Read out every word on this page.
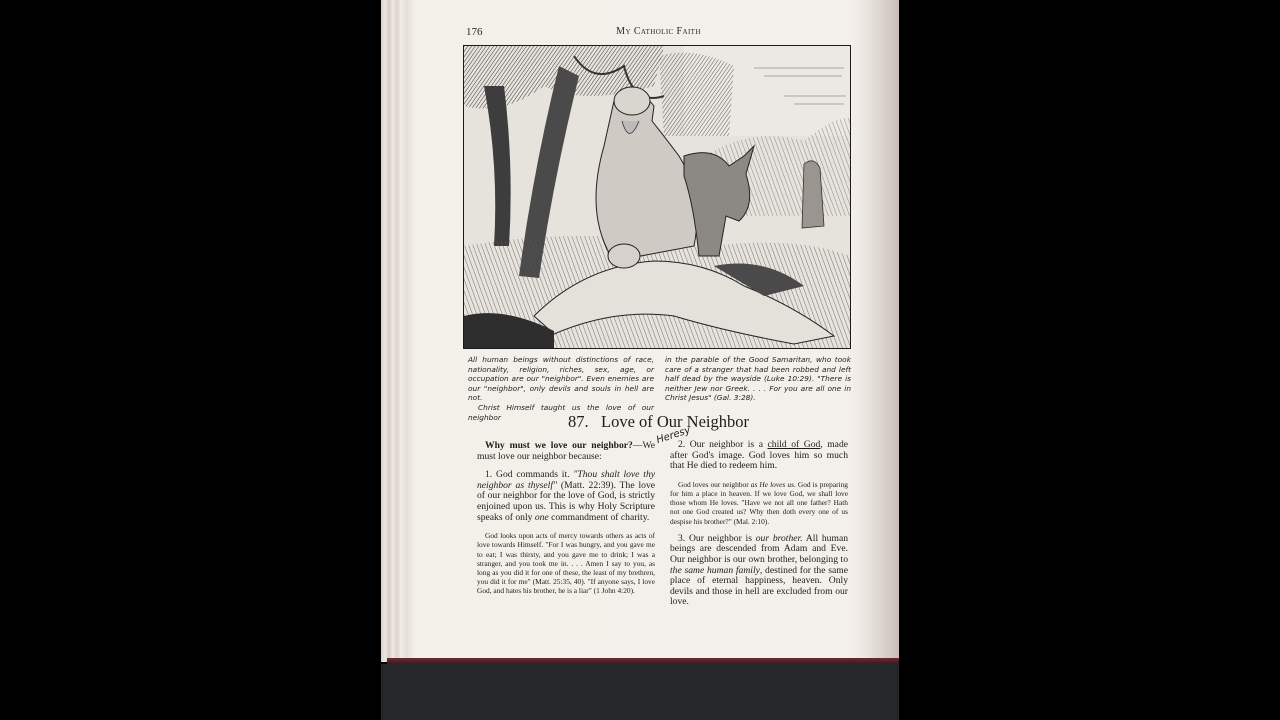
176	My Catholic Faith
All human beings without distinctions of race, nationality, religion, riches, sex, age, or occupation are our "neighbor". Even enemies are our "neighbor", only devils and souls in hell are not.
Christ Himself taught us the love of our neighbor
in the parable of the Good Samaritan, who took care of a stranger that had been robbed and left half dead by the wayside (Luke 10:29). "There is neither Jew nor Greek. . . . For you are all one in Christ Jesus" (Gal. 3:28).
87. Love of Our Neighbor

Why must we love our neighbor?—We must love our neighbor because:

1. God commands it. "Thou shalt love thy neighbor as thyself" (Matt. 22:39). The love of our neighbor for the love of God, is strictly enjoined upon us. This is why Holy Scripture speaks of only one commandment of charity.

God looks upon acts of mercy towards others as acts of love towards Himself. "For I was hungry, and you gave me to eat; I was thirsty, and you gave me to drink; I was a stranger, and you took me in. . . . Amen I say to you, as long as you did it for one of these, the least of my brethren, you did it for me" (Matt. 25:35, 40). "If anyone says, I love God, and hates his brother, he is a liar" (1 John 4:20).

Heresy

2. Our neighbor is a child of God, made after God's image. God loves him so much that He died to redeem him.

God loves our neighbor as He loves us. God is preparing for him a place in heaven. If we love God, we shall love those whom He loves. "Have we not all one father? Hath not one God created us? Why then doth every one of us despise his brother?" (Mal. 2:10).

3. Our neighbor is our brother. All human beings are descended from Adam and Eve. Our neighbor is our own brother, belonging to the same human family, destined for the same place of eternal happiness, heaven. Only devils and those in hell are excluded from our love.
